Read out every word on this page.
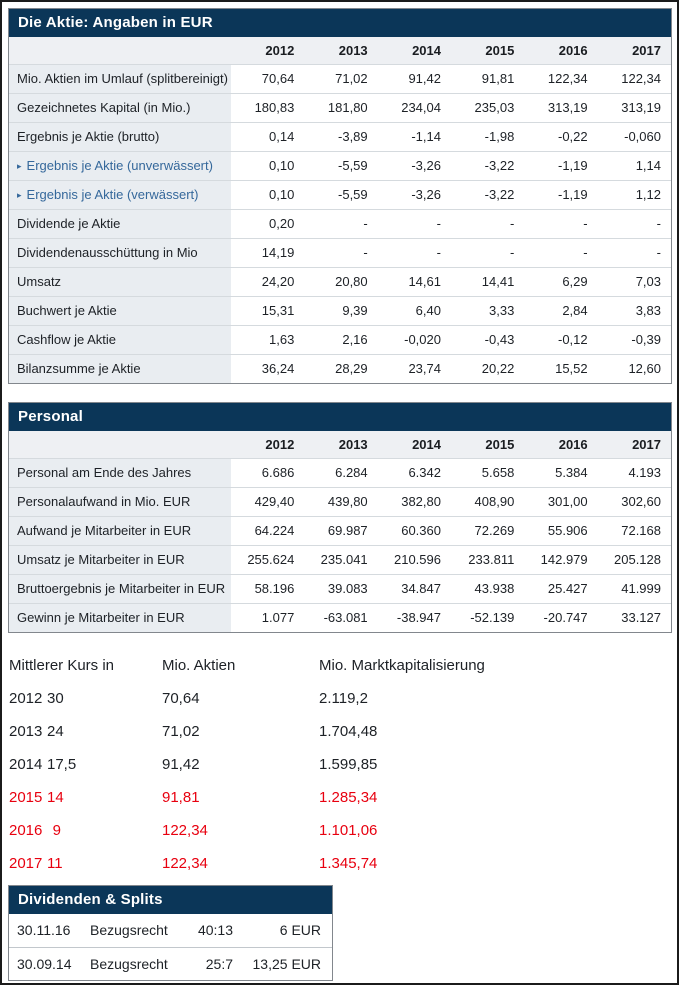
Die Aktie: Angaben in EUR
	2012	2013	2014	2015	2016	2017
Mio. Aktien im Umlauf (splitbereinigt)	70,64	71,02	91,42	91,81	122,34	122,34
Gezeichnetes Kapital (in Mio.)	180,83	181,80	234,04	235,03	313,19	313,19
Ergebnis je Aktie (brutto)	0,14	-3,89	-1,14	-1,98	-0,22	-0,060
▸ Ergebnis je Aktie (unverwässert)	0,10	-5,59	-3,26	-3,22	-1,19	1,14
▸ Ergebnis je Aktie (verwässert)	0,10	-5,59	-3,26	-3,22	-1,19	1,12
Dividende je Aktie	0,20	-	-	-	-	-
Dividendenausschüttung in Mio	14,19	-	-	-	-	-
Umsatz	24,20	20,80	14,61	14,41	6,29	7,03
Buchwert je Aktie	15,31	9,39	6,40	3,33	2,84	3,83
Cashflow je Aktie	1,63	2,16	-0,020	-0,43	-0,12	-0,39
Bilanzsumme je Aktie	36,24	28,29	23,74	20,22	15,52	12,60
Personal
	2012	2013	2014	2015	2016	2017
Personal am Ende des Jahres	6.686	6.284	6.342	5.658	5.384	4.193
Personalaufwand in Mio. EUR	429,40	439,80	382,80	408,90	301,00	302,60
Aufwand je Mitarbeiter in EUR	64.224	69.987	60.360	72.269	55.906	72.168
Umsatz je Mitarbeiter in EUR	255.624	235.041	210.596	233.811	142.979	205.128
Bruttoergebnis je Mitarbeiter in EUR	58.196	39.083	34.847	43.938	25.427	41.999
Gewinn je Mitarbeiter in EUR	1.077	-63.081	-38.947	-52.139	-20.747	33.127
Mittlerer Kurs in		Mio. Aktien	Mio. Marktkapitalisierung
2012	30	70,64	2.119,2
2013	24	71,02	1.704,48
2014	17,5	91,42	1.599,85
2015	14	91,81	1.285,34
2016	9	122,34	1.101,06
2017	11	122,34	1.345,74
Dividenden & Splits
30.11.16	Bezugsrecht	40:13	6 EUR
30.09.14	Bezugsrecht	25:7	13,25 EUR
